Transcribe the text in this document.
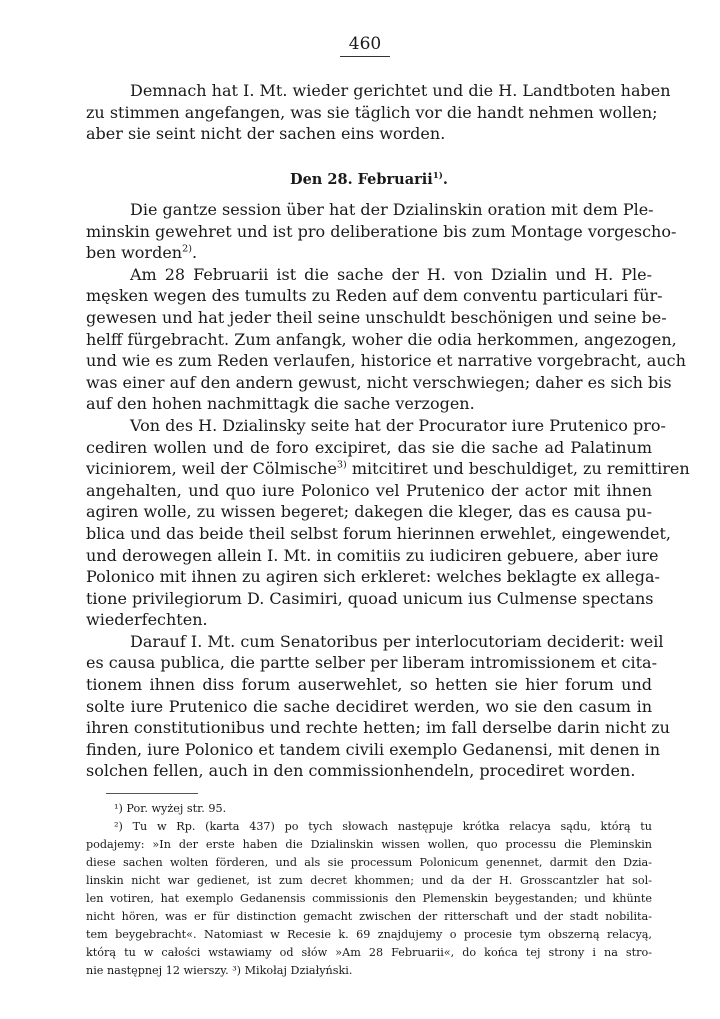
460
Demnach hat I. Mt. wieder gerichtet und die H. Landtboten haben
zu stimmen angefangen, was sie täglich vor die handt nehmen wollen;
aber sie seint nicht der sachen eins worden.
Den 28. Februarii$^{1)}$.
Die gantze session über hat der Dzialinskin oration mit dem Ple-
minskin gewehret und ist pro deliberatione bis zum Montage vorgescho-
ben worden$^{2)}$.
Am 28 Februarii ist die sache der H. von Dzialin und H. Ple-
męsken wegen des tumults zu Reden auf dem conventu particulari für-
gewesen und hat jeder theil seine unschuldt beschönigen und seine be-
helff fürgebracht. Zum anfangk, woher die odia herkommen, angezogen,
und wie es zum Reden verlaufen, historice et narrative vorgebracht, auch
was einer auf den andern gewust, nicht verschwiegen; daher es sich bis
auf den hohen nachmittagk die sache verzogen.
Von des H. Dzialinsky seite hat der Procurator iure Prutenico pro-
cediren wollen und de foro excipiret, das sie die sache ad Palatinum
viciniorem, weil der Cölmische$^{3)}$ mitcitiret und beschuldiget, zu remittiren
angehalten, und quo iure Polonico vel Prutenico der actor mit ihnen
agiren wolle, zu wissen begeret; dakegen die kleger, das es causa pu-
blica und das beide theil selbst forum hierinnen erwehlet, eingewendet,
und derowegen allein I. Mt. in comitiis zu iudiciren gebuere, aber iure
Polonico mit ihnen zu agiren sich erkleret: welches beklagte ex allega-
tione privilegiorum D. Casimiri, quoad unicum ius Culmense spectans
wiederfechten.
Darauf I. Mt. cum Senatoribus per interlocutoriam deciderit: weil
es causa publica, die partte selber per liberam intromissionem et cita-
tionem ihnen diss forum auserwehlet, so hetten sie hier forum und
solte iure Prutenico die sache decidiret werden, wo sie den casum in
ihren constitutionibus und rechte hetten; im fall derselbe darin nicht zu
finden, iure Polonico et tandem civili exemplo Gedanensi, mit denen in
solchen fellen, auch in den commissionhendeln, procediret worden.
¹) Por. wyżej str. 95.
²) Tu w Rp. (karta 437) po tych słowach następuje krótka relacya sądu, którą tu
podajemy: »In der erste haben die Dzialinskin wissen wollen, quo processu die Pleminskin
diese sachen wolten förderen, und als sie processum Polonicum genennet, darmit den Dzia-
linskin nicht war gedienet, ist zum decret khommen; und da der H. Grosscantzler hat sol-
len votiren, hat exemplo Gedanensis commissionis den Plemenskin beygestanden; und khünte
nicht hören, was er für distinction gemacht zwischen der ritterschaft und der stadt nobilita-
tem beygebracht«. Natomiast w Recesie k. 69 znajdujemy o procesie tym obszerną relacyą,
którą tu w całości wstawiamy od słów »Am 28 Februarii«, do końca tej strony i na stro-
nie następnej 12 wierszy. ³) Mikołaj Działyński.
